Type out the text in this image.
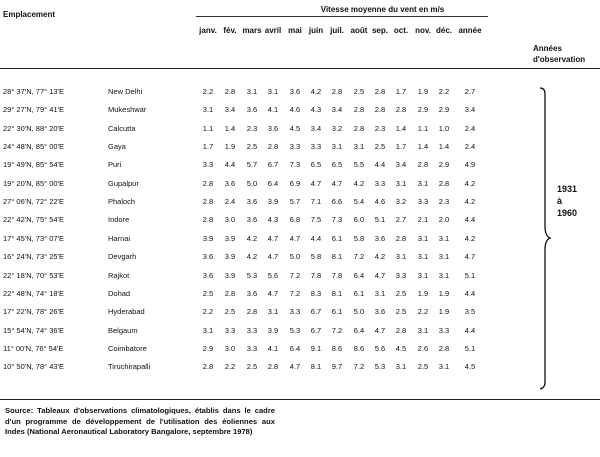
Emplacement
Vitesse moyenne du vent en m/s
janv. fév. mars avril mai juin juil. août sep. oct. nov. déc. année
Années
d'observation
28° 37'N, 77° 13'E	New Delhi	2.2	2.8	3.1	3.1	3.6	4.2	2.8	2.5	2.8	1.7	1.9	2.2	2.7
29° 27'N, 79° 41'E	Mukeshwar	3.1	3.4	3.6	4.1	4.6	4.3	3.4	2.8	2.8	2.8	2.9	2.9	3.4
22° 30'N, 88° 20'E	Calcutta	1.1	1.4	2.3	3.6	4.5	3.4	3.2	2.8	2.3	1.4	1.1	1.0	2.4
24° 48'N, 85° 00'E	Gaya	1.7	1.9	2.5	2.8	3.3	3.3	3.1	3.1	2.5	1.7	1.4	1.4	2.4
19° 49'N, 85° 54'E	Puri	3.3	4.4	5.7	6.7	7.3	6.5	6.5	5.5	4.4	3.4	2.8	2.9	4.9
19° 20'N, 85° 00'E	Gupalpur	2.8	3.6	5.0	6.4	6.9	4.7	4.7	4.2	3.3	3.1	3.1	2.8	4.2
27° 06'N, 72° 22'E	Phaloch	2.8	2.4	3.6	3.9	5.7	7.1	6.6	5.4	4.6	3.2	3.3	2.3	4.2
22° 42'N, 75° 54'E	Indore	2.8	3.0	3.6	4.3	6.8	7.5	7.3	6.0	5.1	2.7	2.1	2.0	4.4
17° 45'N, 73° 07'E	Harnai	3.9	3.9	4.2	4.7	4.7	4.4	6.1	5.8	3.6	2.8	3.1	3.1	4.2
16° 24'N, 73° 25'E	Devgarh	3.6	3.9	4.2	4.7	5.0	5.8	8.1	7.2	4.2	3.1	3.1	3.1	4.7
22° 18'N, 70° 53'E	Rajkot	3.6	3.9	5.3	5.6	7.2	7.8	7.8	6.4	4.7	3.3	3.1	3.1	5.1
22° 48'N, 74° 18'E	Dohad	2.5	2.8	3.6	4.7	7.2	8.3	8.1	6.1	3.1	2.5	1.9	1.9	4.4
17° 22'N, 78° 26'E	Hyderabad	2.2	2.5	2.8	3.1	3.3	6.7	6.1	5.0	3.6	2.5	2.2	1.9	3.5
15° 54'N, 74° 36'E	Belgaum	3.1	3.3	3.3	3.9	5.3	6.7	7.2	6.4	4.7	2.8	3.1	3.3	4.4
11° 00'N, 76° 54'E	Coimbatore	2.9	3.0	3.3	4.1	6.4	9.1	8.6	8.6	5.6	4.5	2.6	2.8	5.1
10° 50'N, 78° 43'E	Tiruchirapalli	2.8	2.2	2.5	2.8	4.7	8.1	9.7	7.2	5.3	3.1	2.5	3.1	4.5
1931
à
1960
Source: Tableaux d'observations climatologiques, établis dans le cadre d'un programme de développement de l'utilisation des éoliennes aux Indes (National Aeronautical Laboratory Bangalore, septembre 1978)
